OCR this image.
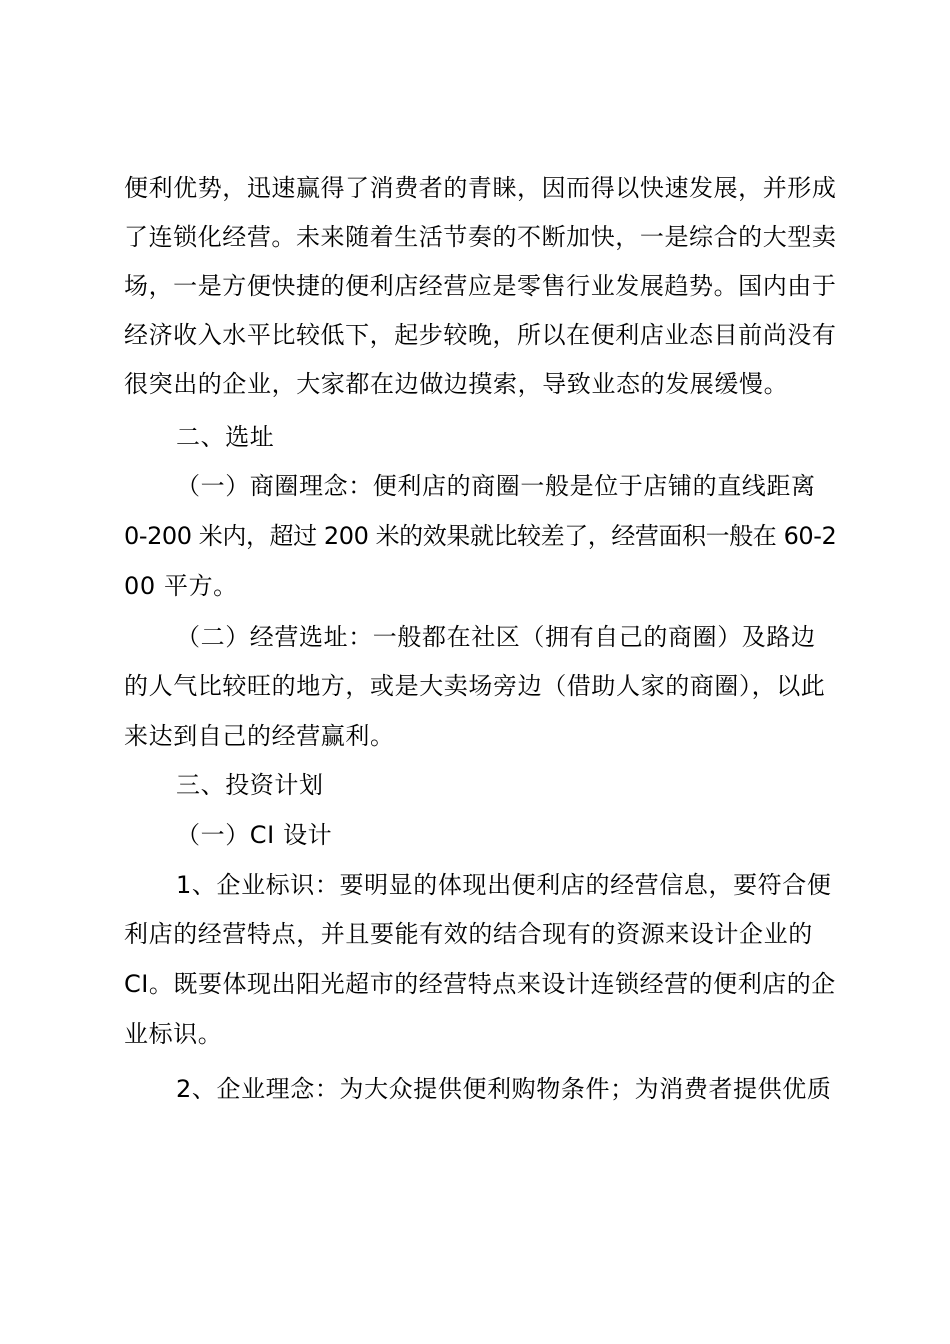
便利优势，迅速赢得了消费者的青睐，因而得以快速发展，并形成
了连锁化经营。未来随着生活节奏的不断加快，一是综合的大型卖
场，一是方便快捷的便利店经营应是零售行业发展趋势。国内由于
经济收入水平比较低下，起步较晚，所以在便利店业态目前尚没有
很突出的企业，大家都在边做边摸索，导致业态的发展缓慢。
二、选址
（一）商圈理念：便利店的商圈一般是位于店铺的直线距离
0-200 米内，超过 200 米的效果就比较差了，经营面积一般在 60-2
00 平方。
（二）经营选址：一般都在社区（拥有自己的商圈）及路边
的人气比较旺的地方，或是大卖场旁边（借助人家的商圈），以此
来达到自己的经营赢利。
三、投资计划
（一）CI 设计
1、企业标识：要明显的体现出便利店的经营信息，要符合便
利店的经营特点，并且要能有效的结合现有的资源来设计企业的
CI。既要体现出阳光超市的经营特点来设计连锁经营的便利店的企
业标识。
2、企业理念：为大众提供便利购物条件；为消费者提供优质
